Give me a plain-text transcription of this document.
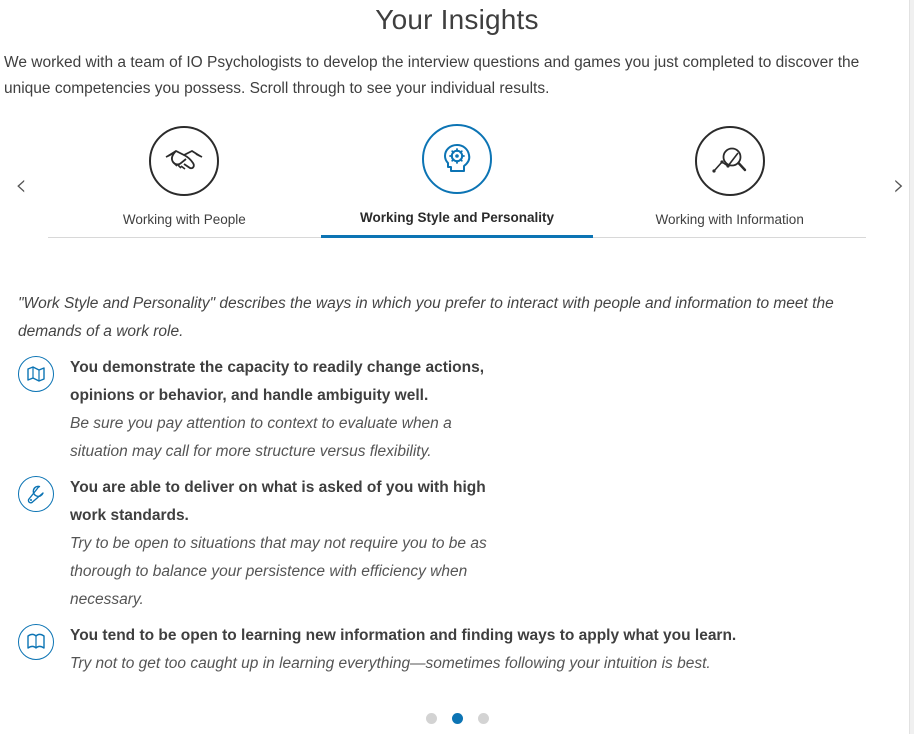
Your Insights

We worked with a team of IO Psychologists to develop the interview questions and games you just completed to discover the unique competencies you possess. Scroll through to see your individual results.

‹	›
Working with People	Working Style and Personality	Working with Information

"Work Style and Personality" describes the ways in which you prefer to interact with people and information to meet the demands of a work role.

You demonstrate the capacity to readily change actions, opinions or behavior, and handle ambiguity well.

Be sure you pay attention to context to evaluate when a situation may call for more structure versus flexibility.

You are able to deliver on what is asked of you with high work standards.

Try to be open to situations that may not require you to be as thorough to balance your persistence with efficiency when necessary.

You tend to be open to learning new information and finding ways to apply what you learn.

Try not to get too caught up in learning everything—sometimes following your intuition is best.
